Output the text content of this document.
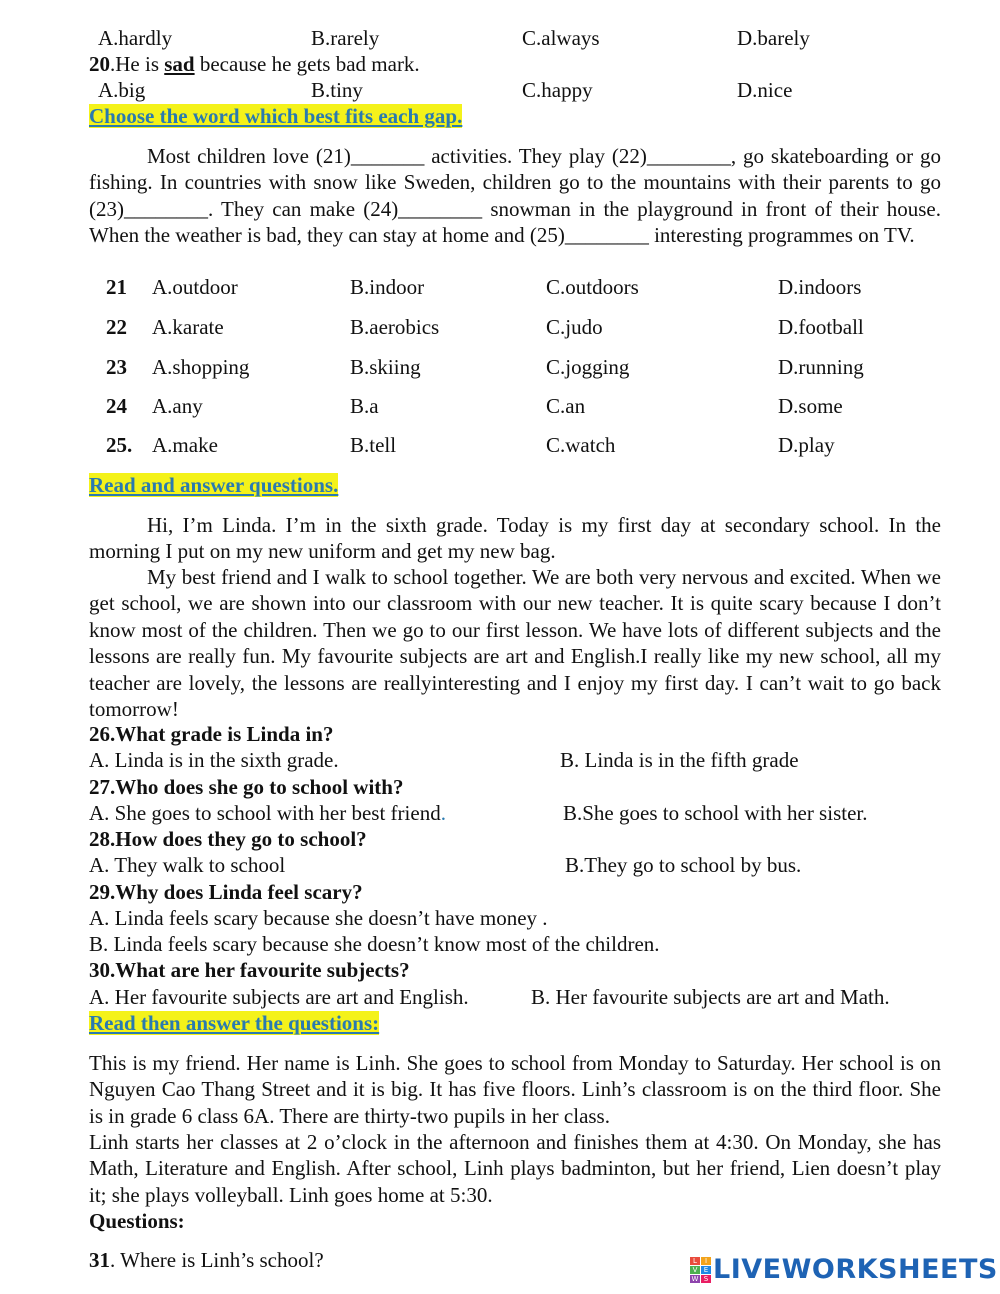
A.hardly	B.rarely	C.always	D.barely
20.He is sad because he gets bad mark.
A.big	B.tiny	C.happy	D.nice
Choose the word which best fits each gap.
Most children love (21)_______ activities. They play (22)________, go skateboarding or go fishing. In countries with snow like Sweden, children go to the mountains with their parents to go (23)________. They can make (24)________ snowman in the playground in front of their house. When the weather is bad, they can stay at home and (25)________ interesting programmes on TV.
21 A.outdoor	B.indoor	C.outdoors	D.indoors
22 A.karate	B.aerobics	C.judo	D.football
23 A.shopping	B.skiing	C.jogging	D.running
24 A.any	B.a	C.an	D.some
25. A.make	B.tell	C.watch	D.play
Read and answer questions.
Hi, I’m Linda. I’m in the sixth grade. Today is my first day at secondary school. In the morning I put on my new uniform and get my new bag.
My best friend and I walk to school together. We are both very nervous and excited. When we get school, we are shown into our classroom with our new teacher. It is quite scary because I don’t know most of the children. Then we go to our first lesson. We have lots of different subjects and the lessons are really fun. My favourite subjects are art and English.I really like my new school, all my teacher are lovely, the lessons are reallyinteresting and I enjoy my first day. I can’t wait to go back tomorrow!
26.What grade is Linda in?
A. Linda is in the sixth grade.	B. Linda is in the fifth grade
27.Who does she go to school with?
A. She goes to school with her best friend.	B.She goes to school with her sister.
28.How does they go to school?
A. They walk to school	B.They go to school by bus.
29.Why does Linda feel scary?
A. Linda feels scary because she doesn’t have money .
B. Linda feels scary because she doesn’t know most of the children.
30.What are her favourite subjects?
A. Her favourite subjects are art and English.	B. Her favourite subjects are art and Math.
Read then answer the questions:
This is my friend. Her name is Linh. She goes to school from Monday to Saturday. Her school is on Nguyen Cao Thang Street and it is big. It has five floors. Linh’s classroom is on the third floor. She is in grade 6 class 6A. There are thirty-two pupils in her class.
Linh starts her classes at 2 o’clock in the afternoon and finishes them at 4:30. On Monday, she has Math, Literature and English. After school, Linh plays badminton, but her friend, Lien doesn’t play it; she plays volleyball. Linh goes home at 5:30.
Questions:
31. Where is Linh’s school?	L	I
V E
W S LIVEWORKSHEETS
